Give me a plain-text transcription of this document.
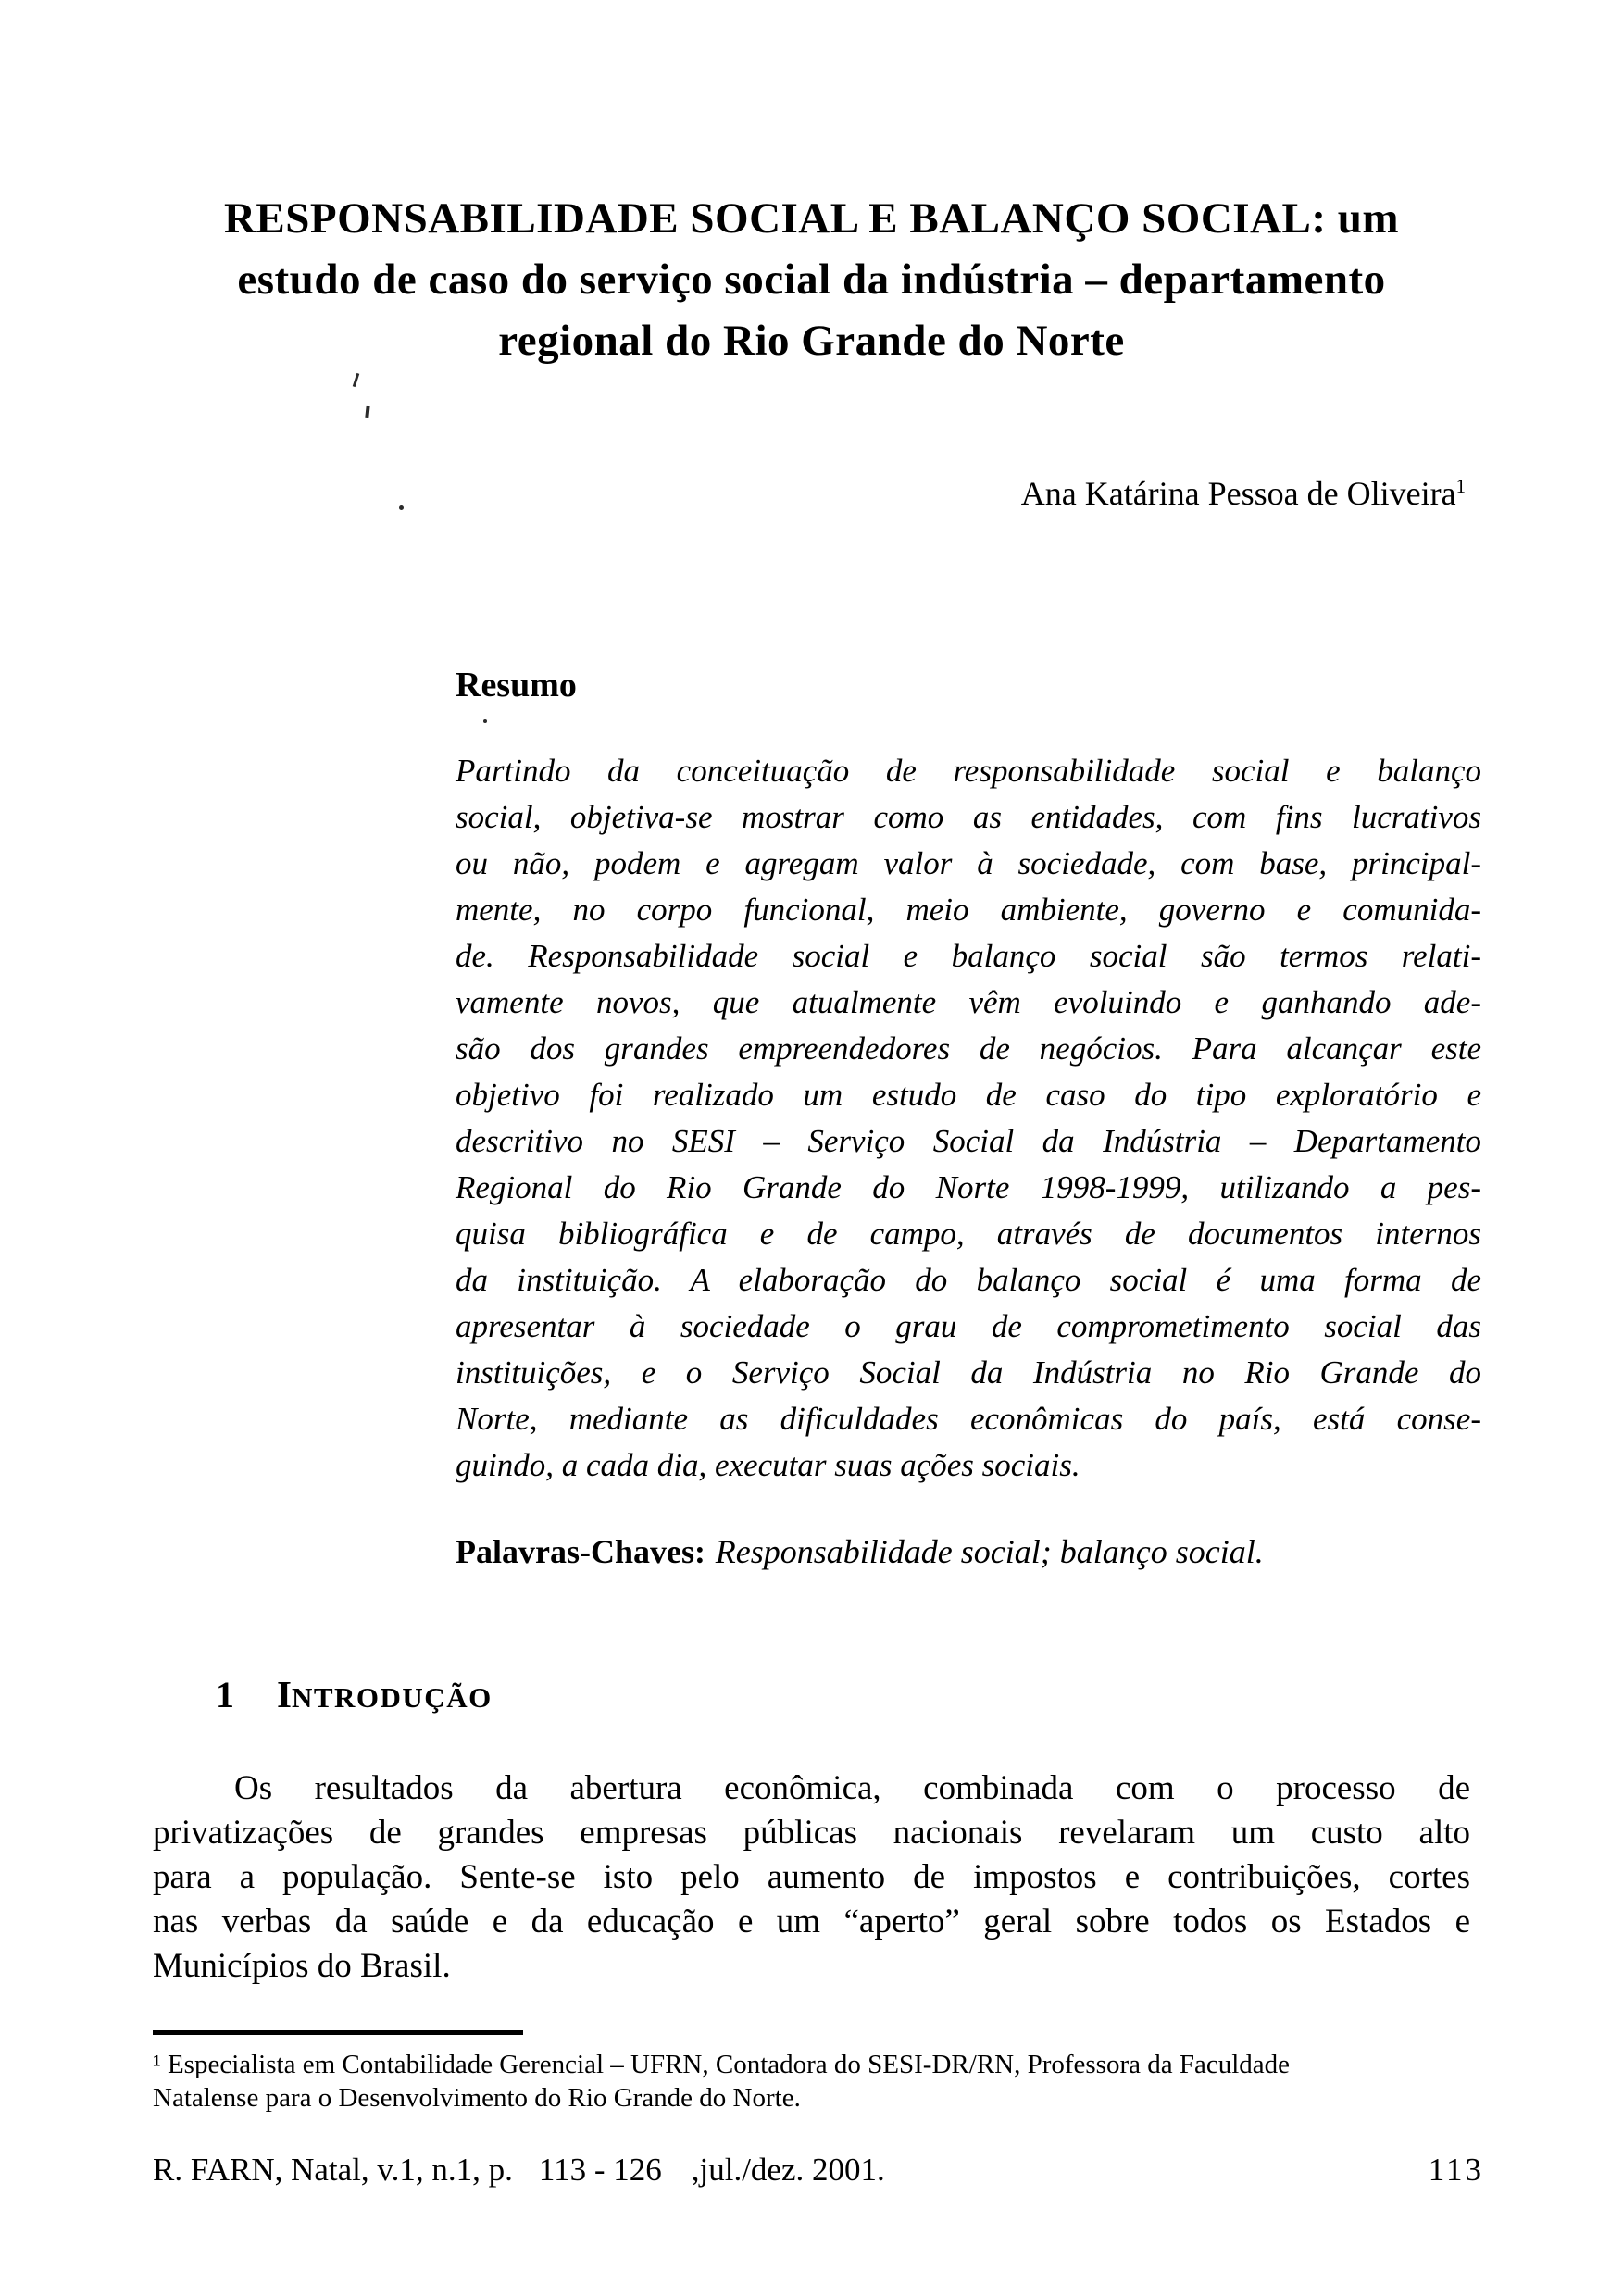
RESPONSABILIDADE SOCIAL E BALANÇO SOCIAL: um
estudo de caso do serviço social da indústria – departamento
regional do Rio Grande do Norte
Ana Katárina Pessoa de Oliveira$^1$
Resumo
Partindo da conceituação de responsabilidade social e balanço
social, objetiva-se mostrar como as entidades, com fins lucrativos
ou não, podem e agregam valor à sociedade, com base, principal-
mente, no corpo funcional, meio ambiente, governo e comunida-
de. Responsabilidade social e balanço social são termos relati-
vamente novos, que atualmente vêm evoluindo e ganhando ade-
são dos grandes empreendedores de negócios. Para alcançar este
objetivo foi realizado um estudo de caso do tipo exploratório e
descritivo no SESI – Serviço Social da Indústria – Departamento
Regional do Rio Grande do Norte 1998-1999, utilizando a pes-
quisa bibliográfica e de campo, através de documentos internos
da instituição. A elaboração do balanço social é uma forma de
apresentar à sociedade o grau de comprometimento social das
instituições, e o Serviço Social da Indústria no Rio Grande do
Norte, mediante as dificuldades econômicas do país, está conse-
guindo, a cada dia, executar suas ações sociais.
Palavras-Chaves: Responsabilidade social; balanço social.
1 INTRODUÇÃO
Os resultados da abertura econômica, combinada com o processo de
privatizações de grandes empresas públicas nacionais revelaram um custo alto
para a população. Sente-se isto pelo aumento de impostos e contribuições, cortes
nas verbas da saúde e da educação e um “aperto” geral sobre todos os Estados e
Municípios do Brasil.
¹ Especialista em Contabilidade Gerencial – UFRN, Contadora do SESI-DR/RN, Professora da Faculdade
Natalense para o Desenvolvimento do Rio Grande do Norte.
R. FARN, Natal, v.1, n.1, p. 113 - 126 ,jul./dez. 2001.	113
